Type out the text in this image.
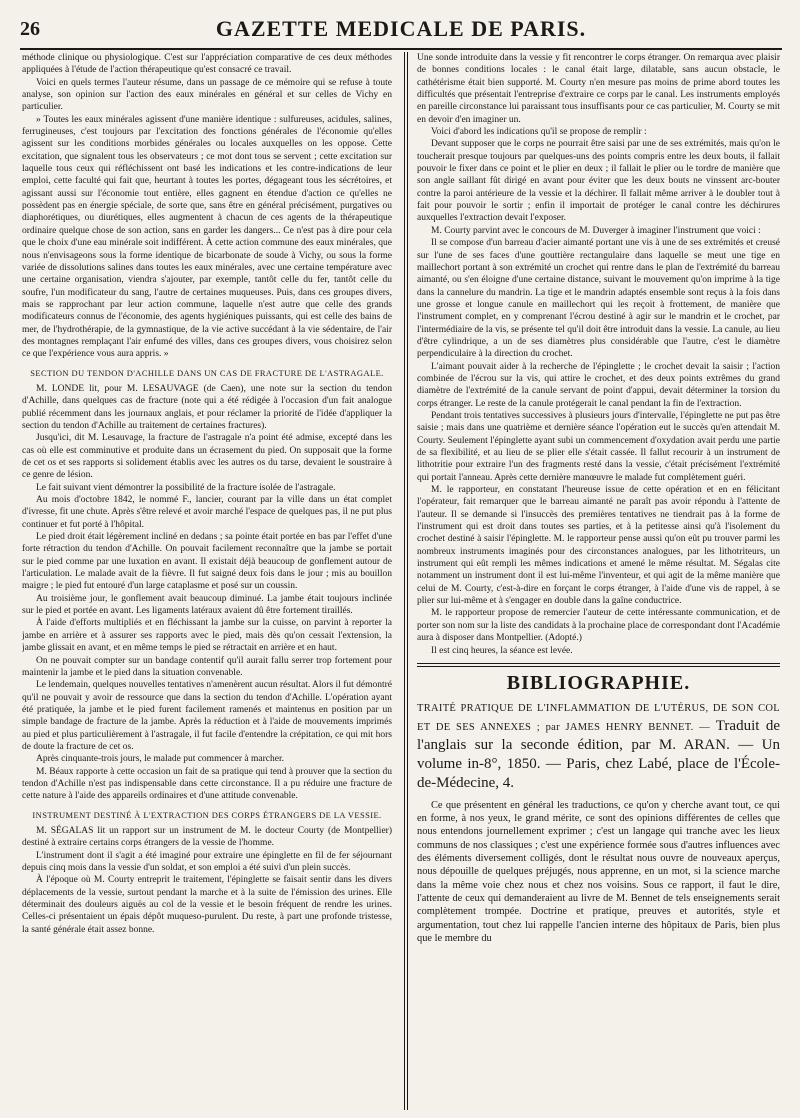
26	GAZETTE MEDICALE DE PARIS.

méthode clinique ou physiologique. C'est sur l'appréciation comparative de ces deux méthodes appliquées à l'étude de l'action thérapeutique qu'est consacré ce travail.

Voici en quels termes l'auteur résume, dans un passage de ce mémoire qui se refuse à toute analyse, son opinion sur l'action des eaux minérales en général et sur celles de Vichy en particulier.

» Toutes les eaux minérales agissent d'une manière identique : sulfureuses, acidules, salines, ferrugineuses, c'est toujours par l'excitation des fonctions générales de l'économie qu'elles agissent sur les conditions morbides générales ou locales auxquelles on les oppose. Cette excitation, que signalent tous les observateurs ; ce mot dont tous se servent ; cette excitation sur laquelle tous ceux qui réfléchissent ont basé les indications et les contre-indications de leur emploi, cette faculté qui fait que, heurtant à toutes les portes, dégageant tous les sécrétoires, et agissant aussi sur l'économie tout entière, elles gagnent en étendue d'action ce qu'elles ne possèdent pas en énergie spéciale, de sorte que, sans être en général précisément, purgatives ou diaphorétiques, ou diurétiques, elles augmentent à chacun de ces agents de la thérapeutique ordinaire quelque chose de son action, sans en garder les dangers... Ce n'est pas à dire pour cela que le choix d'une eau minérale soit indifférent. À cette action commune des eaux minérales, que nous n'envisageons sous la forme identique de bicarbonate de soude à Vichy, ou sous la forme variée de dissolutions salines dans toutes les eaux minérales, avec une certaine température avec une certaine organisation, viendra s'ajouter, par exemple, tantôt celle du fer, tantôt celle du soufre, l'un modificateur du sang, l'autre de certaines muqueuses. Puis, dans ces groupes divers, mais se rapprochant par leur action commune, laquelle n'est autre que celle des grands modificateurs connus de l'économie, des agents hygiéniques puissants, qui est celle des bains de mer, de l'hydrothérapie, de la gymnastique, de la vie active succédant à la vie sédentaire, de l'air des montagnes remplaçant l'air enfumé des villes, dans ces groupes divers, vous choisirez selon ce que l'expérience vous aura appris. »

SECTION DU TENDON D'ACHILLE DANS UN CAS DE FRACTURE DE L'ASTRAGALE.

M. LONDE lit, pour M. LESAUVAGE (de Caen), une note sur la section du tendon d'Achille, dans quelques cas de fracture (note qui a été rédigée à l'occasion d'un fait analogue publié récemment dans les journaux anglais, et pour réclamer la priorité de l'idée d'appliquer la section du tendon d'Achille au traitement de certaines fractures).

Jusqu'ici, dit M. Lesauvage, la fracture de l'astragale n'a point été admise, excepté dans les cas où elle est comminutive et produite dans un écrasement du pied. On supposait que la forme de cet os et ses rapports si solidement établis avec les autres os du tarse, devaient le soustraire à ce genre de lésion.

Le fait suivant vient démontrer la possibilité de la fracture isolée de l'astragale.

Au mois d'octobre 1842, le nommé F., lancier, courant par la ville dans un état complet d'ivresse, fit une chute. Après s'être relevé et avoir marché l'espace de quelques pas, il ne put plus continuer et fut porté à l'hôpital.

Le pied droit était légèrement incliné en dedans ; sa pointe était portée en bas par l'effet d'une forte rétraction du tendon d'Achille. On pouvait facilement reconnaître que la jambe se portait sur le pied comme par une luxation en avant. Il existait déjà beaucoup de gonflement autour de l'articulation. Le malade avait de la fièvre. Il fut saigné deux fois dans le jour ; mis au bouillon maigre ; le pied fut entouré d'un large cataplasme et posé sur un coussin.

Au troisième jour, le gonflement avait beaucoup diminué. La jambe était toujours inclinée sur le pied et portée en avant. Les ligaments latéraux avaient dû être fortement tiraillés.

À l'aide d'efforts multipliés et en fléchissant la jambe sur la cuisse, on parvint à reporter la jambe en arrière et à assurer ses rapports avec le pied, mais dès qu'on cessait l'extension, la jambe glissait en avant, et en même temps le pied se rétractait en arrière et en haut.

On ne pouvait compter sur un bandage contentif qu'il aurait fallu serrer trop fortement pour maintenir la jambe et le pied dans la situation convenable.

Le lendemain, quelques nouvelles tentatives n'amenèrent aucun résultat. Alors il fut démontré qu'il ne pouvait y avoir de ressource que dans la section du tendon d'Achille. L'opération ayant été pratiquée, la jambe et le pied furent facilement ramenés et maintenus en position par un simple bandage de fracture de la jambe. Après la réduction et à l'aide de mouvements imprimés au pied et plus particulièrement à l'astragale, il fut facile d'entendre la crépitation, ce qui mit hors de doute la fracture de cet os.

Après cinquante-trois jours, le malade put commencer à marcher.

M. Béaux rapporte à cette occasion un fait de sa pratique qui tend à prouver que la section du tendon d'Achille n'est pas indispensable dans cette circonstance. Il a pu réduire une fracture de cette nature à l'aide des appareils ordinaires et d'une attitude convenable.

INSTRUMENT DESTINÉ À L'EXTRACTION DES CORPS ÉTRANGERS DE LA VESSIE.

M. SÉGALAS lit un rapport sur un instrument de M. le docteur Courty (de Montpellier) destiné à extraire certains corps étrangers de la vessie de l'homme.

L'instrument dont il s'agit a été imaginé pour extraire une épinglette en fil de fer séjournant depuis cinq mois dans la vessie d'un soldat, et son emploi a été suivi d'un plein succès.

À l'époque où M. Courty entreprit le traitement, l'épinglette se faisait sentir dans les divers déplacements de la vessie, surtout pendant la marche et à la suite de l'émission des urines. Elle déterminait des douleurs aiguës au col de la vessie et le besoin fréquent de rendre les urines. Celles-ci présentaient un épais dépôt muqueso-purulent. Du reste, à part une profonde tristesse, la santé générale était assez bonne.

Une sonde introduite dans la vessie y fit rencontrer le corps étranger. On remarqua avec plaisir de bonnes conditions locales : le canal était large, dilatable, sans aucun obstacle, le cathétérisme était bien supporté. M. Courty n'en mesure pas moins de prime abord toutes les difficultés que présentait l'entreprise d'extraire ce corps par le canal. Les instruments employés en pareille circonstance lui paraissant tous insuffisants pour ce cas particulier, M. Courty se mit en devoir d'en imaginer un.

Voici d'abord les indications qu'il se propose de remplir :

Devant supposer que le corps ne pourrait être saisi par une de ses extrémités, mais qu'on le toucherait presque toujours par quelques-uns des points compris entre les deux bouts, il fallait pouvoir le fixer dans ce point et le plier en deux ; il fallait le plier ou le tordre de manière que son angle saillant fût dirigé en avant pour éviter que les deux bouts ne vinssent arc-bouter contre la paroi antérieure de la vessie et la déchirer. Il fallait même arriver à le doubler tout à fait pour pouvoir le sortir ; enfin il importait de protéger le canal contre les déchirures auxquelles l'extraction devait l'exposer.

M. Courty parvint avec le concours de M. Duverger à imaginer l'instrument que voici :

Il se compose d'un barreau d'acier aimanté portant une vis à une de ses extrémités et creusé sur l'une de ses faces d'une gouttière rectangulaire dans laquelle se meut une tige en maillechort portant à son extrémité un crochet qui rentre dans le plan de l'extrémité du barreau aimanté, ou s'en éloigne d'une certaine distance, suivant le mouvement qu'on imprime à la tige dans la cannelure du mandrin. La tige et le mandrin adaptés ensemble sont reçus à la fois dans une grosse et longue canule en maillechort qui les reçoit à frottement, de manière que l'instrument complet, en y comprenant l'écrou destiné à agir sur le mandrin et le crochet, par l'intermédiaire de la vis, se présente tel qu'il doit être introduit dans la vessie. La canule, au lieu d'être cylindrique, a un de ses diamètres plus considérable que l'autre, c'est le diamètre perpendiculaire à la direction du crochet.

L'aimant pouvait aider à la recherche de l'épinglette ; le crochet devait la saisir ; l'action combinée de l'écrou sur la vis, qui attire le crochet, et des deux points extrêmes du grand diamètre de l'extrémité de la canule servant de point d'appui, devait déterminer la torsion du corps étranger. Le reste de la canule protégerait le canal pendant la fin de l'extraction.

Pendant trois tentatives successives à plusieurs jours d'intervalle, l'épinglette ne put pas être saisie ; mais dans une quatrième et dernière séance l'opération eut le succès qu'en attendait M. Courty. Seulement l'épinglette ayant subi un commencement d'oxydation avait perdu une partie de sa flexibilité, et au lieu de se plier elle s'était cassée. Il fallut recourir à un instrument de lithotritie pour extraire l'un des fragments resté dans la vessie, c'était précisément l'extrémité qui portait l'anneau. Après cette dernière manœuvre le malade fut complètement guéri.

M. le rapporteur, en constatant l'heureuse issue de cette opération et en en félicitant l'opérateur, fait remarquer que le barreau aimanté ne paraît pas avoir répondu à l'attente de l'auteur. Il se demande si l'insuccès des premières tentatives ne tiendrait pas à la forme de l'instrument qui est droit dans toutes ses parties, et à la petitesse ainsi qu'à l'isolement du crochet destiné à saisir l'épinglette. M. le rapporteur pense aussi qu'on eût pu trouver parmi les nombreux instruments imaginés pour des circonstances analogues, par les lithotriteurs, un instrument qui eût rempli les mêmes indications et amené le même résultat. M. Ségalas cite notamment un instrument dont il est lui-même l'inventeur, et qui agit de la même manière que celui de M. Courty, c'est-à-dire en forçant le corps étranger, à l'aide d'une vis de rappel, à se plier sur lui-même et à s'engager en double dans la gaîne conductrice.

M. le rapporteur propose de remercier l'auteur de cette intéressante communication, et de porter son nom sur la liste des candidats à la prochaine place de correspondant dont l'Académie aura à disposer dans Montpellier. (Adopté.)

Il est cinq heures, la séance est levée.

BIBLIOGRAPHIE.

TRAITÉ PRATIQUE DE L'INFLAMMATION DE L'UTÉRUS, DE SON COL ET DE SES ANNEXES ; par JAMES HENRY BENNET. — Traduit de l'anglais sur la seconde édition, par M. ARAN. — Un volume in-8°, 1850. — Paris, chez Labé, place de l'École-de-Médecine, 4.

Ce que présentent en général les traductions, ce qu'on y cherche avant tout, ce qui en forme, à nos yeux, le grand mérite, ce sont des opinions différentes de celles que nous entendons journellement exprimer ; c'est un langage qui tranche avec les lieux communs de nos classiques ; c'est une expérience formée sous d'autres influences avec des éléments diversement colligés, dont le résultat nous ouvre de nouveaux aperçus, nous dépouille de quelques préjugés, nous apprenne, en un mot, si la science marche dans la même voie chez nous et chez nos voisins. Sous ce rapport, il faut le dire, l'attente de ceux qui demanderaient au livre de M. Bennet de tels enseignements serait complètement trompée. Doctrine et pratique, preuves et autorités, style et argumentation, tout chez lui rappelle l'ancien interne des hôpitaux de Paris, bien plus que le membre du
